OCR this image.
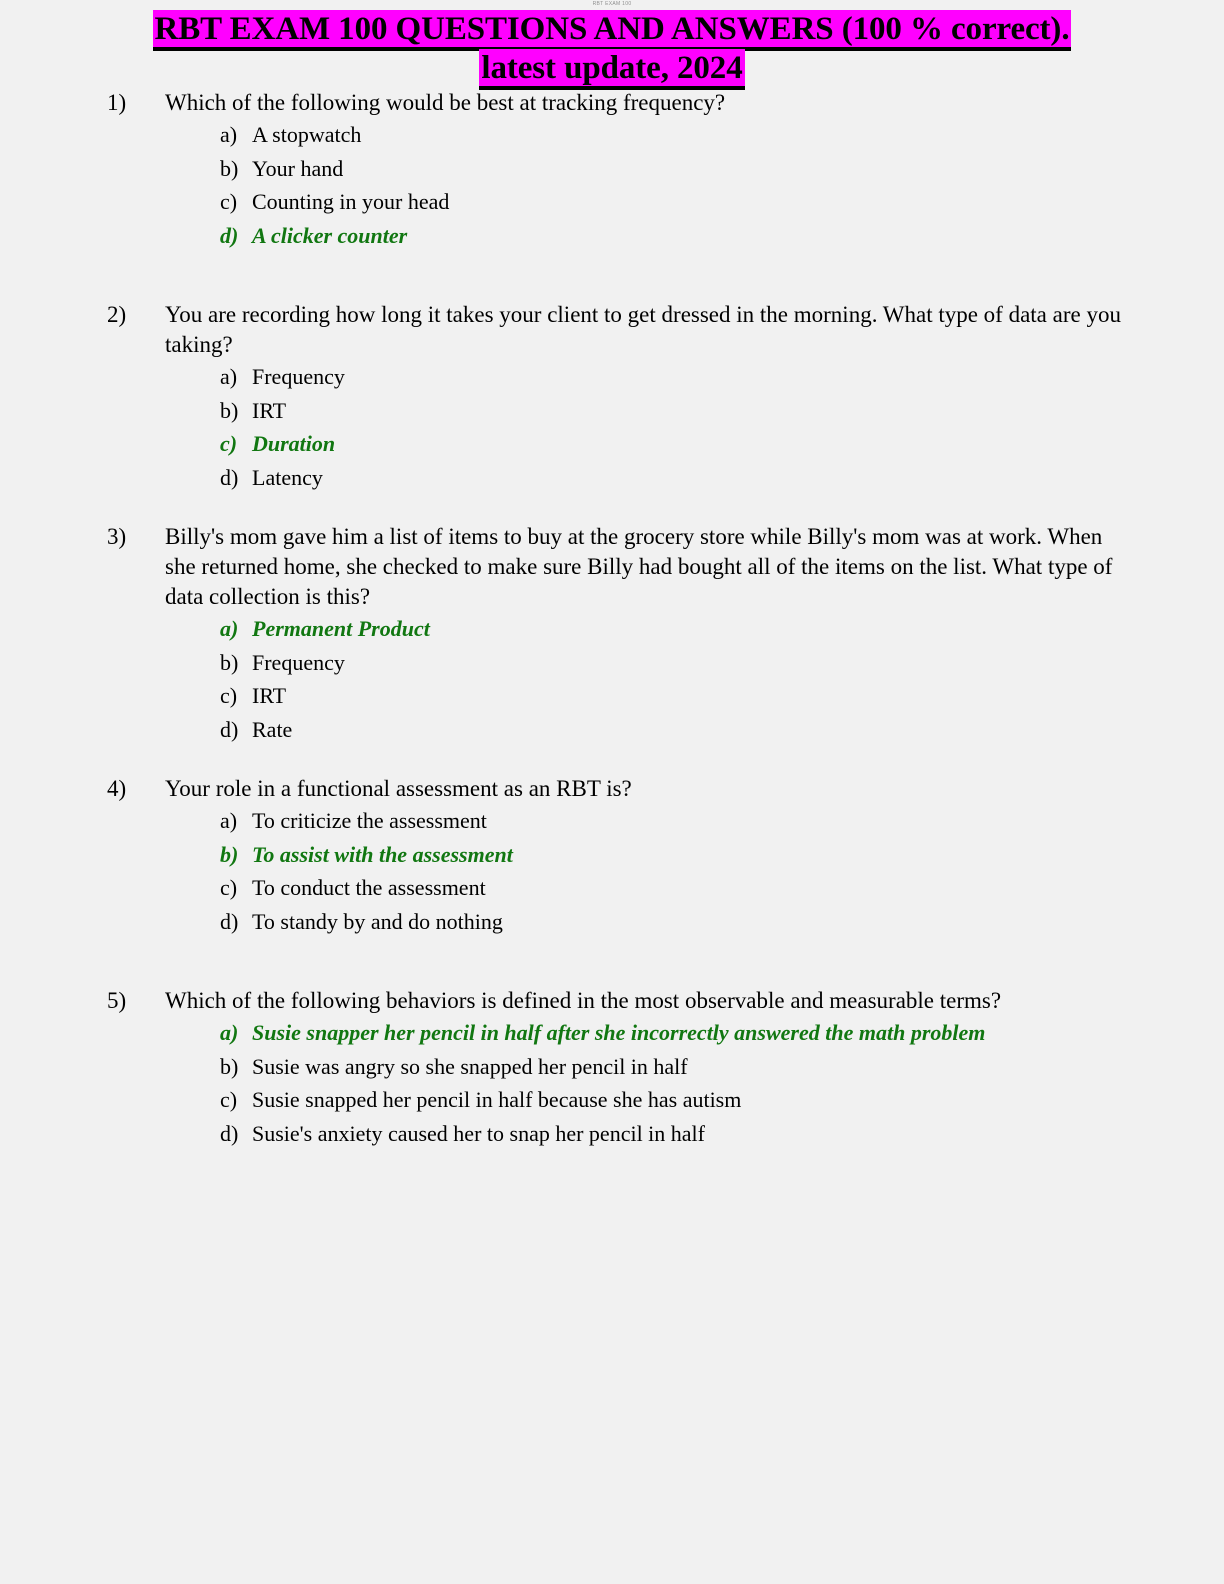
RBT EXAM 100
RBT EXAM 100 QUESTIONS AND ANSWERS (100 % correct).
latest update, 2024
1)	Which of the following would be best at tracking frequency?
a) A stopwatch
b) Your hand
c) Counting in your head
d) A clicker counter
2)	You are recording how long it takes your client to get dressed in the morning. What type of data are you taking?
a) Frequency
b) IRT
c) Duration
d) Latency
3)	Billy's mom gave him a list of items to buy at the grocery store while Billy's mom was at work. When she returned home, she checked to make sure Billy had bought all of the items on the list. What type of data collection is this?
a) Permanent Product
b) Frequency
c) IRT
d) Rate
4)	Your role in a functional assessment as an RBT is?
a) To criticize the assessment
b) To assist with the assessment
c) To conduct the assessment
d) To standy by and do nothing
5)	Which of the following behaviors is defined in the most observable and measurable terms?
a) Susie snapper her pencil in half after she incorrectly answered the math problem
b) Susie was angry so she snapped her pencil in half
c) Susie snapped her pencil in half because she has autism
d) Susie's anxiety caused her to snap her pencil in half
